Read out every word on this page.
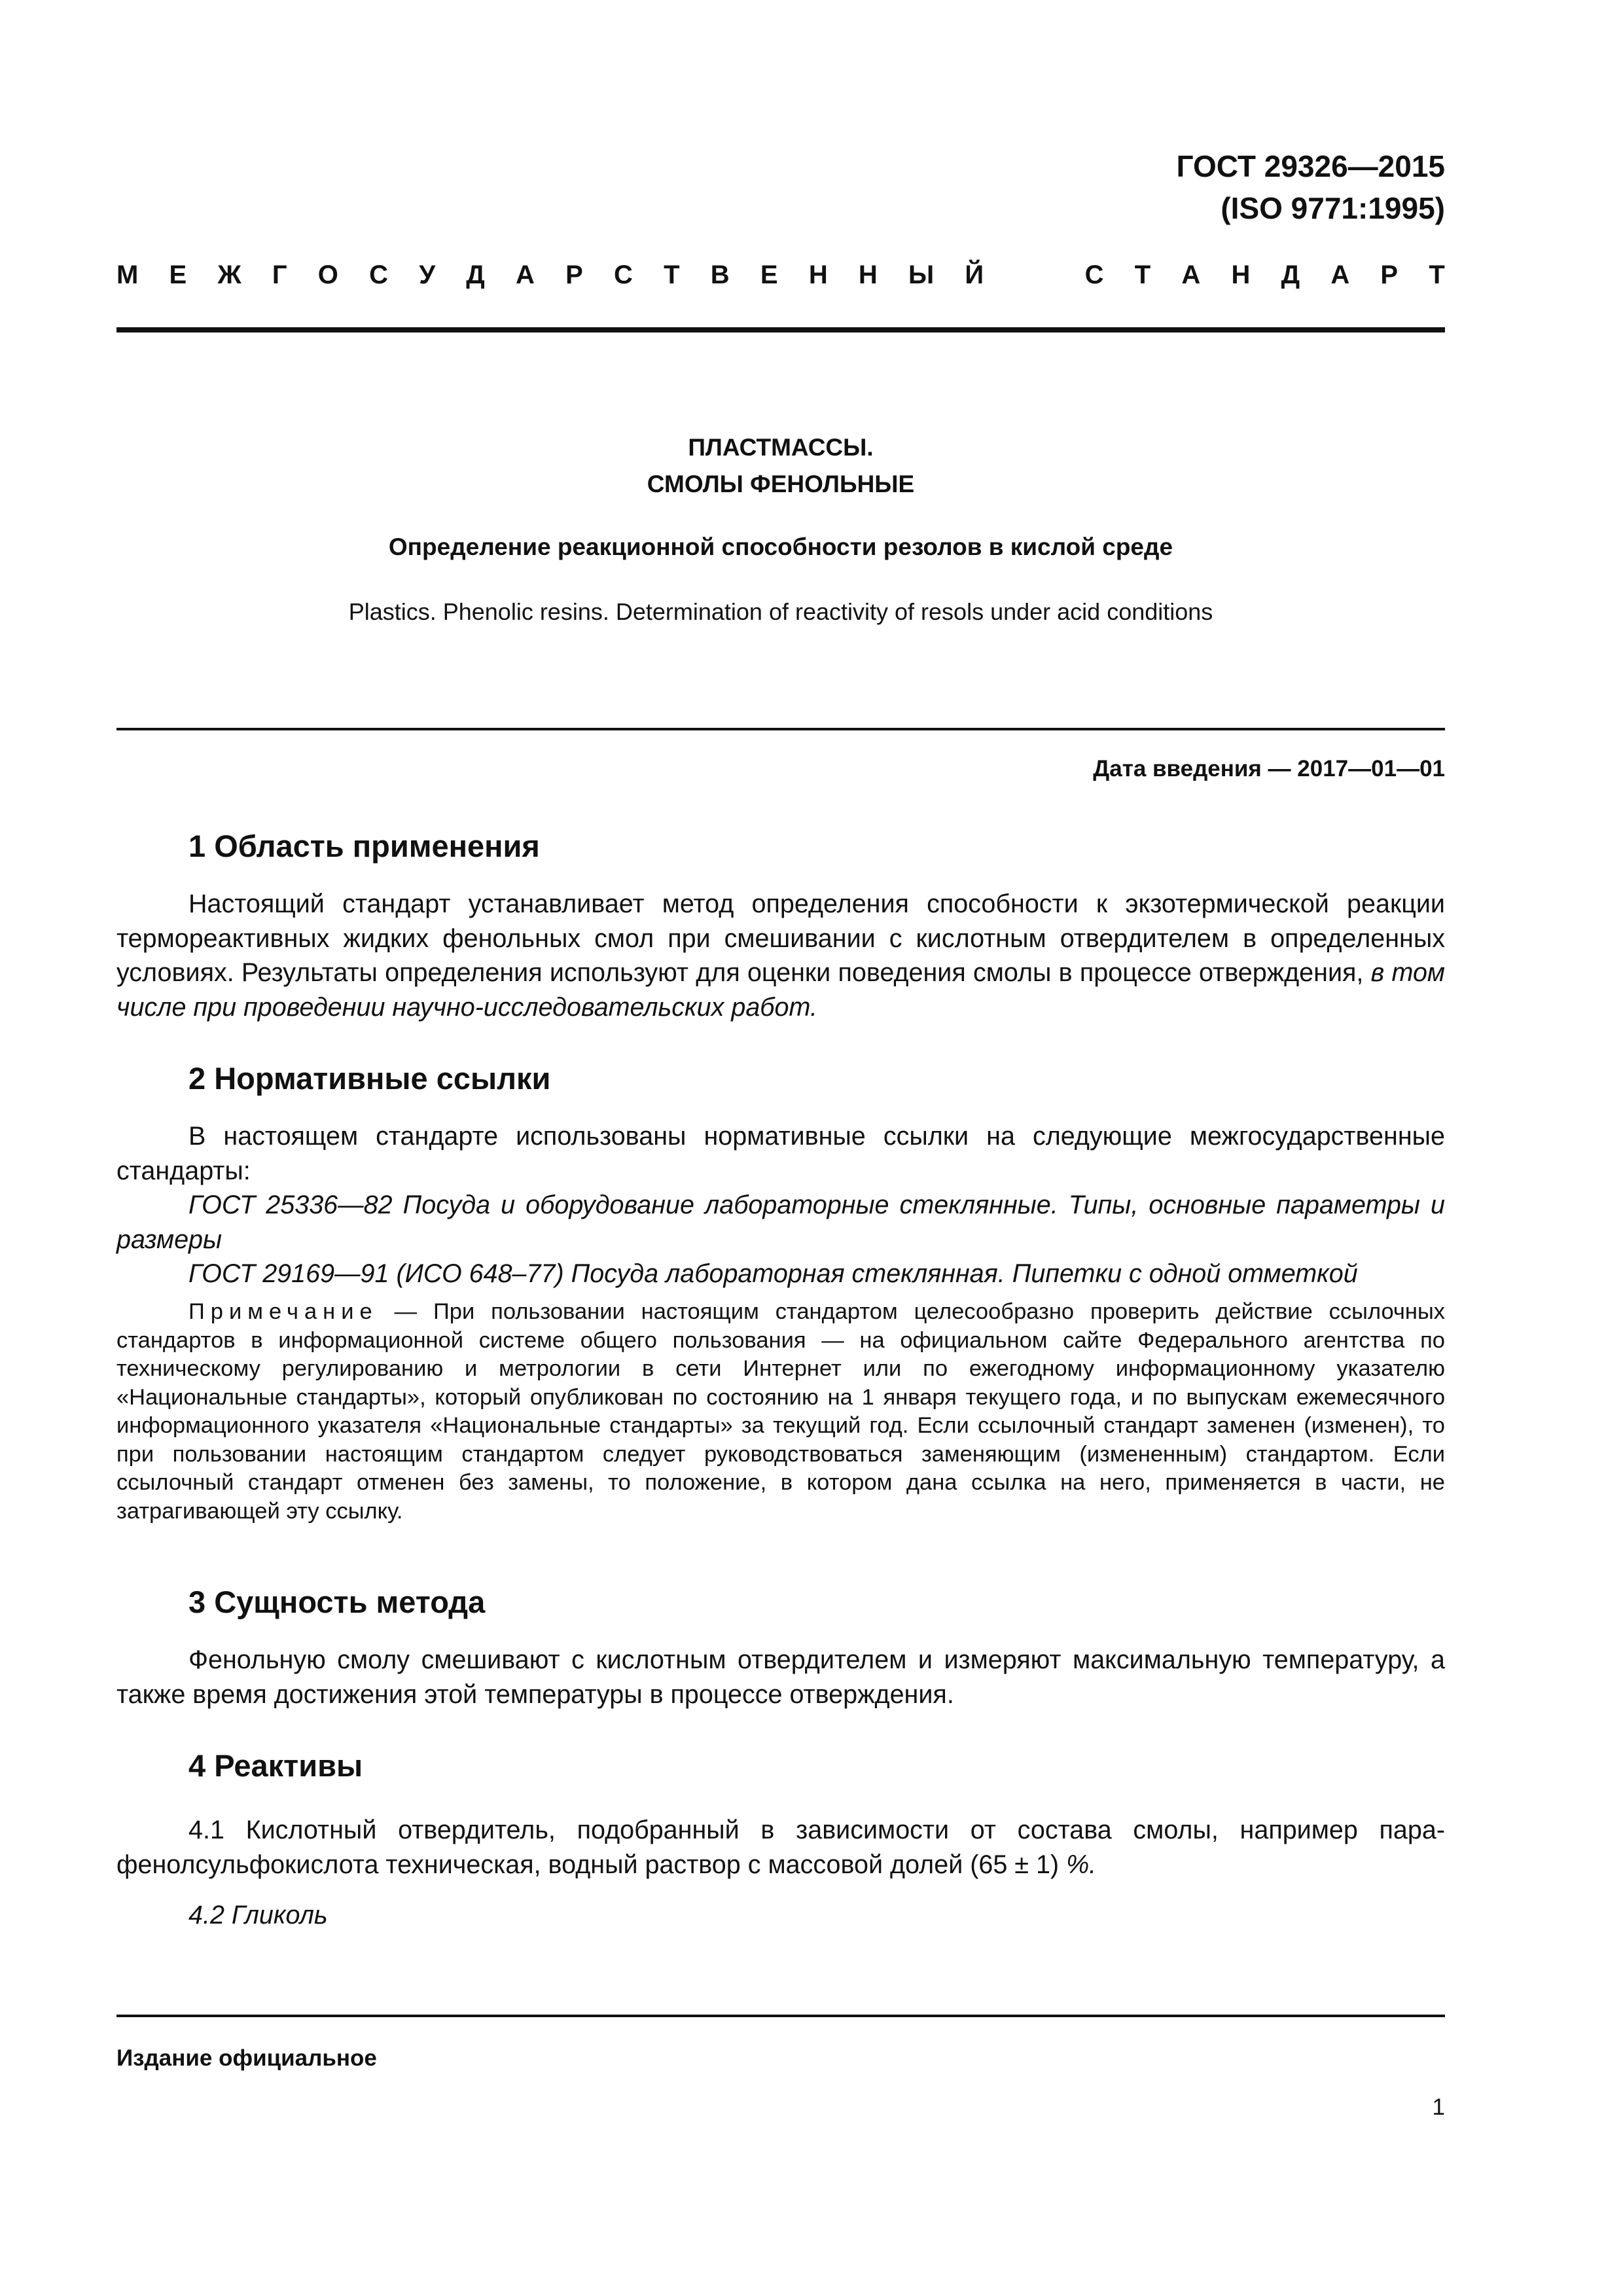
ГОСТ 29326—2015
(ISO 9771:1995)
М Е Ж Г О С У Д А Р С Т В Е Н Н Ы Й	С Т А Н Д А Р Т
ПЛАСТМАССЫ.
СМОЛЫ ФЕНОЛЬНЫЕ
Определение реакционной способности резолов в кислой среде
Plastics. Phenolic resins. Determination of reactivity of resols under acid conditions
Дата введения — 2017—01—01
1 Область применения
Настоящий стандарт устанавливает метод определения способности к экзотермической реакции термореактивных жидких фенольных смол при смешивании с кислотным отвердителем в определенных условиях. Результаты определения используют для оценки поведения смолы в процессе отверждения, в том числе при проведении научно-исследовательских работ.
2 Нормативные ссылки
В настоящем стандарте использованы нормативные ссылки на следующие межгосударственные стандарты:
ГОСТ 25336—82 Посуда и оборудование лабораторные стеклянные. Типы, основные параметры и размеры
ГОСТ 29169—91 (ИСО 648–77) Посуда лабораторная стеклянная. Пипетки с одной отметкой
Примечание — При пользовании настоящим стандартом целесообразно проверить действие ссылочных стандартов в информационной системе общего пользования — на официальном сайте Федерального агентства по техническому регулированию и метрологии в сети Интернет или по ежегодному информационному указателю «Национальные стандарты», который опубликован по состоянию на 1 января текущего года, и по выпускам ежемесячного информационного указателя «Национальные стандарты» за текущий год. Если ссылочный стандарт заменен (изменен), то при пользовании настоящим стандартом следует руководствоваться заменяющим (измененным) стандартом. Если ссылочный стандарт отменен без замены, то положение, в котором дана ссылка на него, применяется в части, не затрагивающей эту ссылку.
3 Сущность метода
Фенольную смолу смешивают с кислотным отвердителем и измеряют максимальную температуру, а также время достижения этой температуры в процессе отверждения.
4 Реактивы
4.1 Кислотный отвердитель, подобранный в зависимости от состава смолы, например пара-фенолсульфокислота техническая, водный раствор с массовой долей (65 ± 1) %.
4.2 Гликоль
Издание официальное
1
